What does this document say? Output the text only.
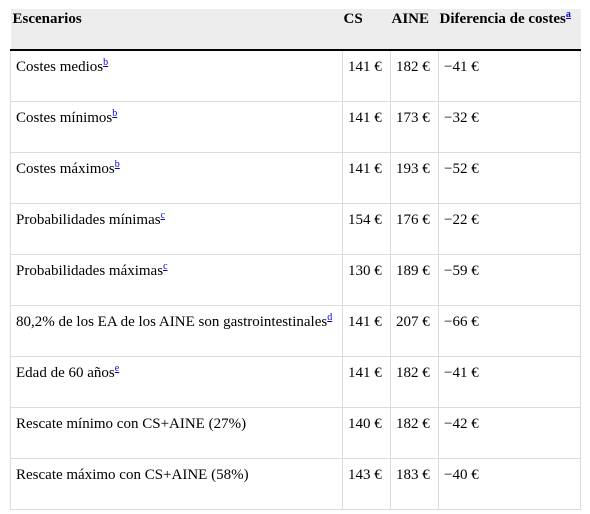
Escenarios	CS	AINE	Diferencia de costes$^a$
Costes medios$^b$	141 €	182 €	−41 €
Costes mínimos$^b$	141 €	173 €	−32 €
Costes máximos$^b$	141 €	193 €	−52 €
Probabilidades mínimas$^c$	154 €	176 €	−22 €
Probabilidades máximas$^c$	130 €	189 €	−59 €
80,2% de los EA de los AINE son gastrointestinales$^d$	141 €	207 €	−66 €
Edad de 60 años$^e$	141 €	182 €	−41 €
Rescate mínimo con CS+AINE (27%)	140 €	182 €	−42 €
Rescate máximo con CS+AINE (58%)	143 €	183 €	−40 €
